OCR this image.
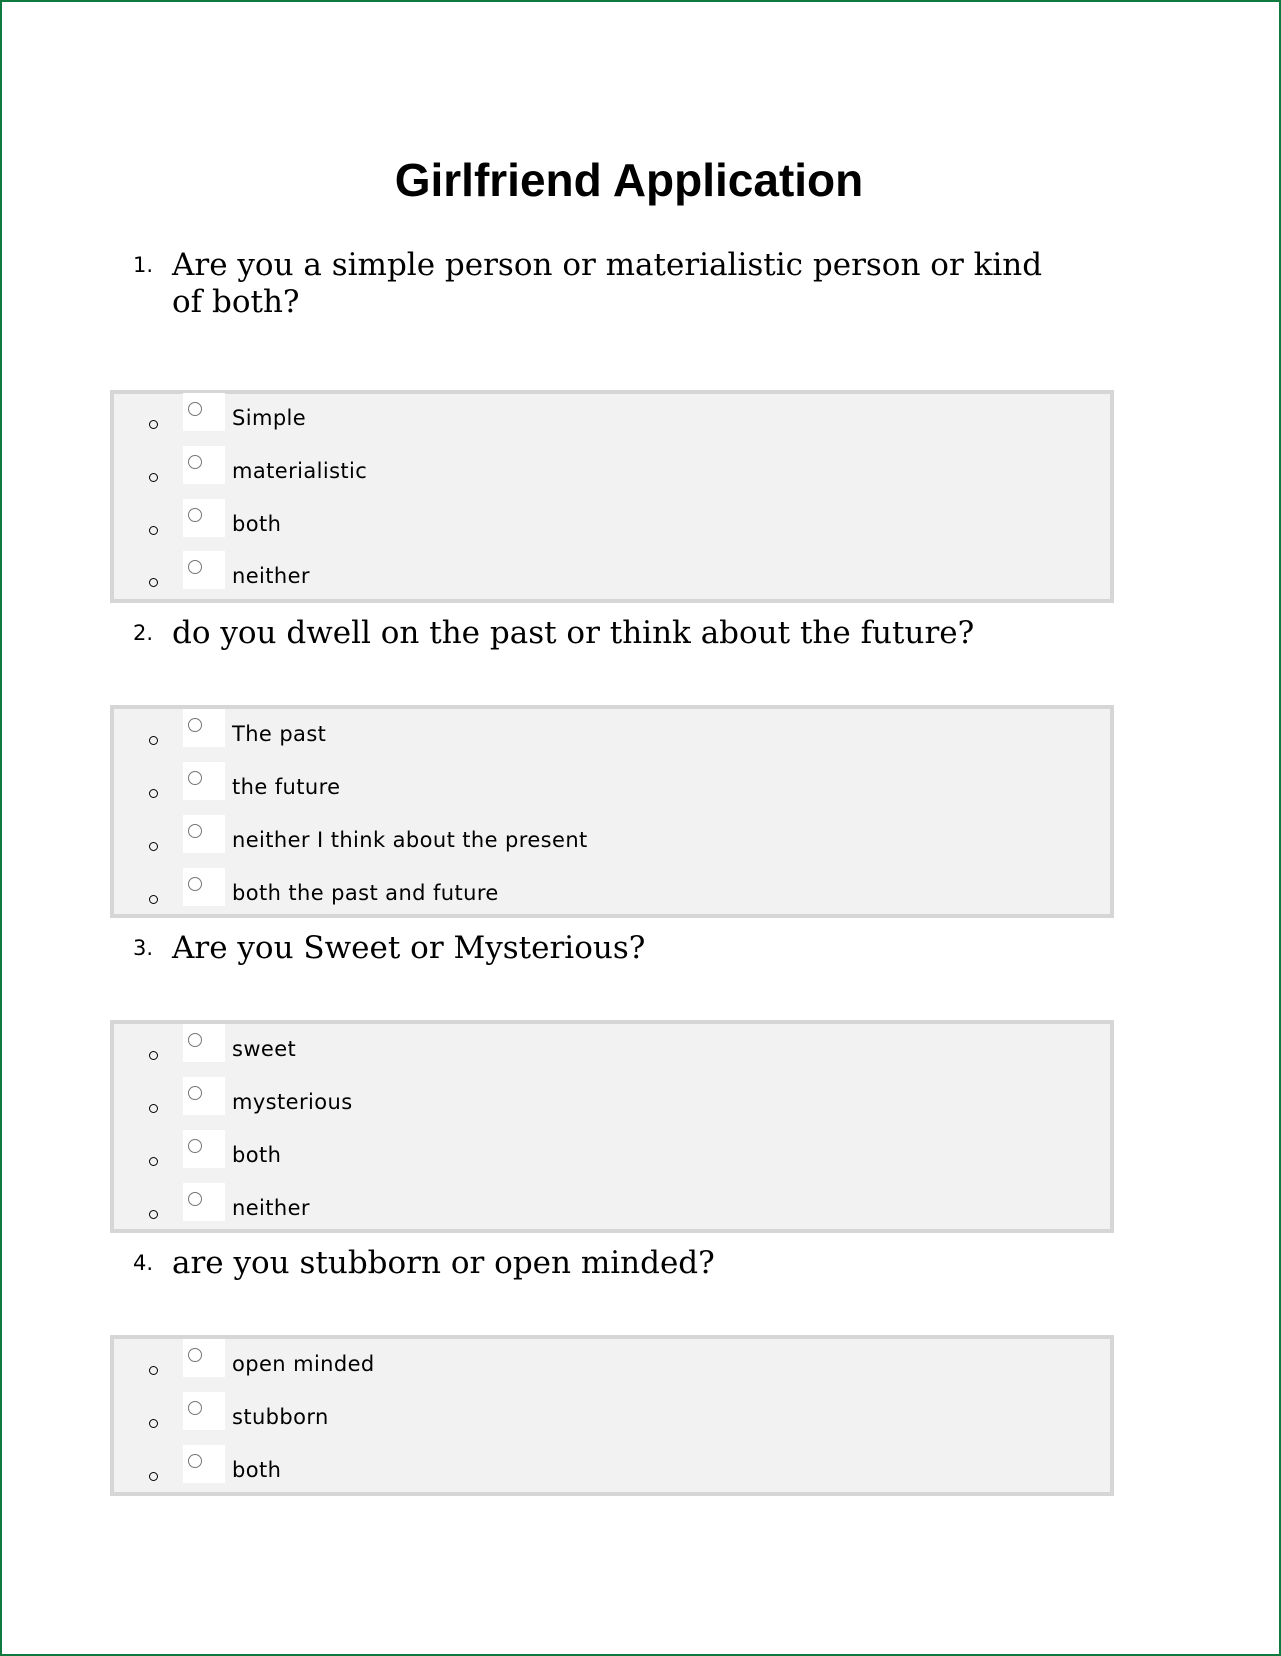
Girlfriend Application
1. Are you a simple person or materialistic person or kind of both?
Simple
materialistic
both
neither
2. do you dwell on the past or think about the future?
The past
the future
neither I think about the present
both the past and future
3. Are you Sweet or Mysterious?
sweet
mysterious
both
neither
4. are you stubborn or open minded?
open minded
stubborn
both
